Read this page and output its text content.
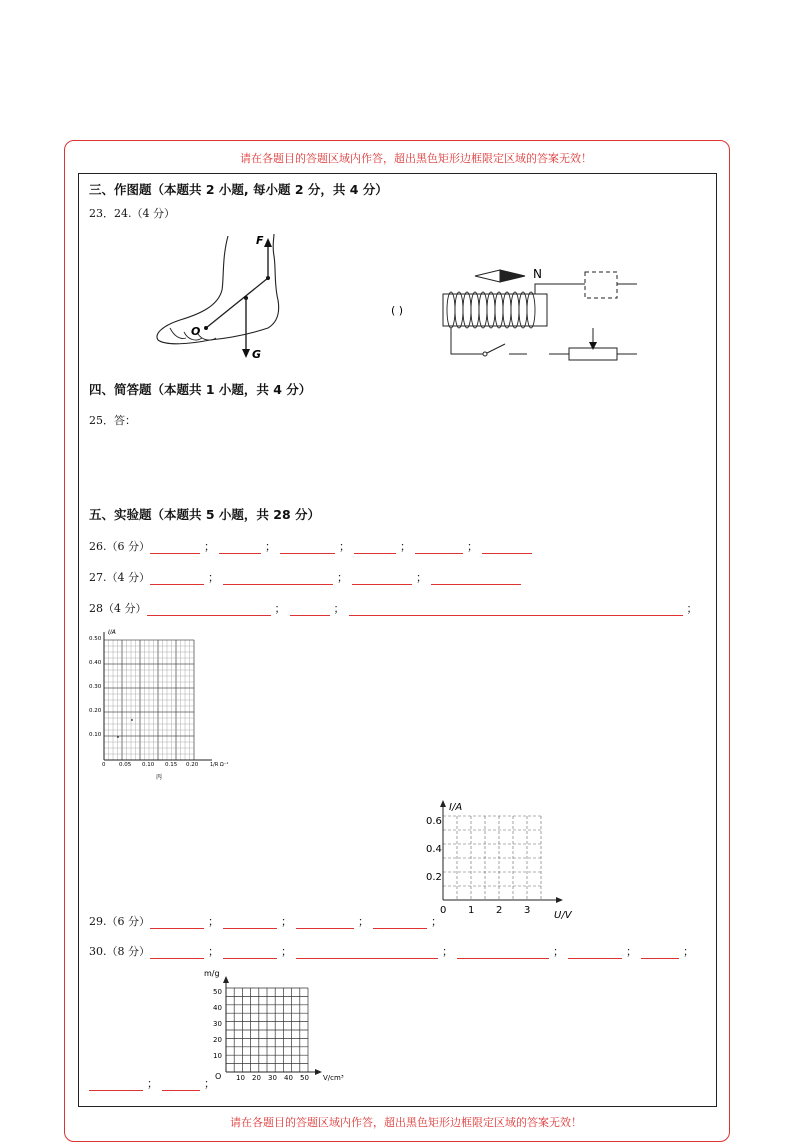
请在各题目的答题区域内作答，超出黑色矩形边框限定区域的答案无效！
三、作图题（本题共 2 小题, 每小题 2 分，共 4 分）
23．24.（4 分）
F
O
G
( )
N
四、简答题（本题共 1 小题，共 4 分）
25．答：
五、实验题（本题共 5 小题，共 28 分）
26.（6 分）	；	；	；	；	；
27.（4 分）	；	；	；
28（4 分）	；	；	；
I/A
0.50
0.40
0.30
0.20
0.10
0 0.05 0.10 0.15 0.20 1/R Ω⁻¹
丙
I/A
0.6
0.4
0.2
0 1 2 3 U/V
29.（6 分）	；	；	；	；
30.（8 分）	；	；	；	；	；	；
m/g
50
40
30
20
10
O 10 20 30 40 50 V/cm³
；	；
请在各题目的答题区域内作答，超出黑色矩形边框限定区域的答案无效！
